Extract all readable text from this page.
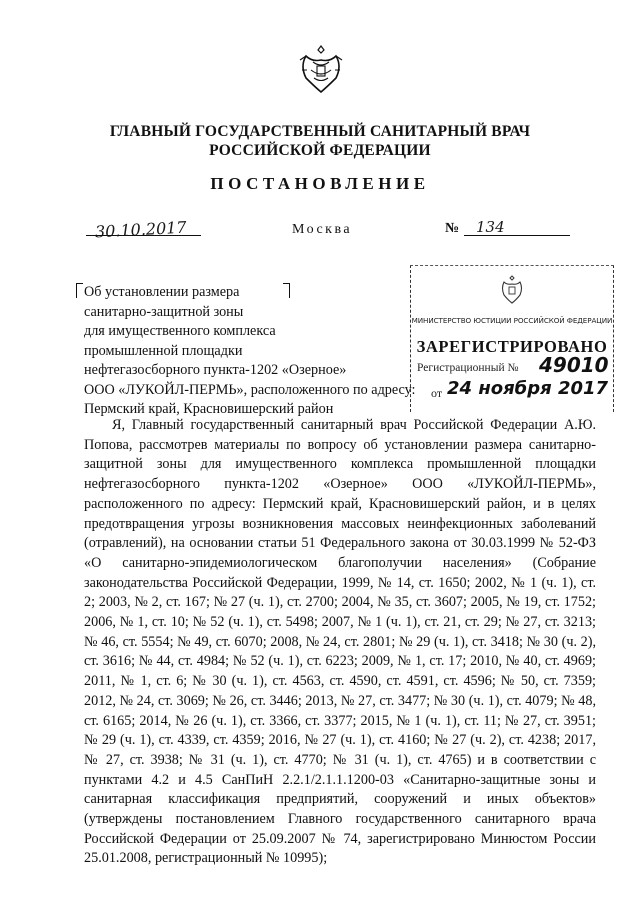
ГЛАВНЫЙ ГОСУДАРСТВЕННЫЙ САНИТАРНЫЙ ВРАЧ
РОССИЙСКОЙ ФЕДЕРАЦИИ
ПОСТАНОВЛЕНИЕ
30.10.2017	Москва	№ 134
Об установлении размера
санитарно-защитной зоны
для имущественного комплекса
промышленной площадки
нефтегазосборного пункта-1202 «Озерное»
ООО «ЛУКОЙЛ-ПЕРМЬ», расположенного по адресу:
Пермский край, Красновишерский район
МИНИСТЕРСТВО ЮСТИЦИИ РОССИЙСКОЙ ФЕДЕРАЦИИ
ЗАРЕГИСТРИРОВАНО
Регистрационный № 49010
от 24 ноября 2017

Я, Главный государственный санитарный врач Российской Федерации А.Ю. Попова, рассмотрев материалы по вопросу об установлении размера санитарно-защитной зоны для имущественного комплекса промышленной площадки нефтегазосборного пункта-1202 «Озерное» ООО «ЛУКОЙЛ-ПЕРМЬ», расположенного по адресу: Пермский край, Красновишерский район, и в целях предотвращения угрозы возникновения массовых неинфекционных заболеваний (отравлений), на основании статьи 51 Федерального закона от 30.03.1999 № 52-ФЗ «О санитарно-эпидемиологическом благополучии населения» (Собрание законодательства Российской Федерации, 1999, № 14, ст. 1650; 2002, № 1 (ч. 1), ст. 2; 2003, № 2, ст. 167; № 27 (ч. 1), ст. 2700; 2004, № 35, ст. 3607; 2005, № 19, ст. 1752; 2006, № 1, ст. 10; № 52 (ч. 1), ст. 5498; 2007, № 1 (ч. 1), ст. 21, ст. 29; № 27, ст. 3213; № 46, ст. 5554; № 49, ст. 6070; 2008, № 24, ст. 2801; № 29 (ч. 1), ст. 3418; № 30 (ч. 2), ст. 3616; № 44, ст. 4984; № 52 (ч. 1), ст. 6223; 2009, № 1, ст. 17; 2010, № 40, ст. 4969; 2011, № 1, ст. 6; № 30 (ч. 1), ст. 4563, ст. 4590, ст. 4591, ст. 4596; № 50, ст. 7359; 2012, № 24, ст. 3069; № 26, ст. 3446; 2013, № 27, ст. 3477; № 30 (ч. 1), ст. 4079; № 48, ст. 6165; 2014, № 26 (ч. 1), ст. 3366, ст. 3377; 2015, № 1 (ч. 1), ст. 11; № 27, ст. 3951; № 29 (ч. 1), ст. 4339, ст. 4359; 2016, № 27 (ч. 1), ст. 4160; № 27 (ч. 2), ст. 4238; 2017, № 27, ст. 3938; № 31 (ч. 1), ст. 4770; № 31 (ч. 1), ст. 4765) и в соответствии с пунктами 4.2 и 4.5 СанПиН 2.2.1/2.1.1.1200-03 «Санитарно-защитные зоны и санитарная классификация предприятий, сооружений и иных объектов» (утверждены постановлением Главного государственного санитарного врача Российской Федерации от 25.09.2007 № 74, зарегистрировано Минюстом России 25.01.2008, регистрационный № 10995);
